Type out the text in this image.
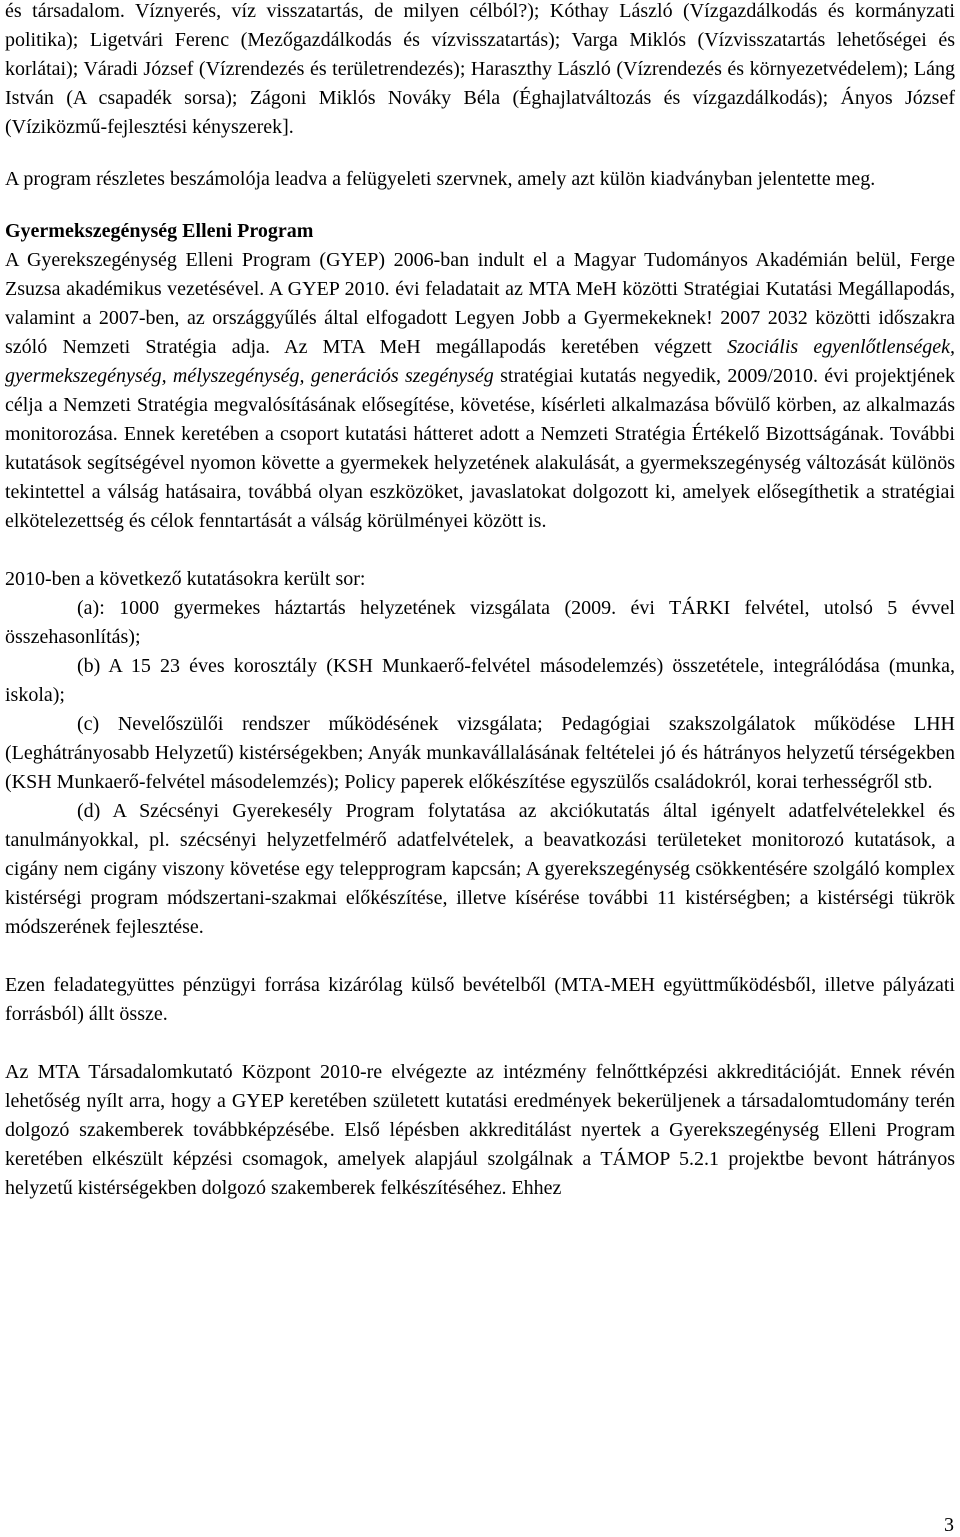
és társadalom. Víznyerés, víz visszatartás, de milyen célból?); Kóthay László (Vízgazdálkodás és kormányzati politika); Ligetvári Ferenc (Mezőgazdálkodás és vízvisszatartás); Varga Miklós (Vízvisszatartás lehetőségei és korlátai); Váradi József (Vízrendezés és területrendezés); Haraszthy László (Vízrendezés és környezetvédelem); Láng István (A csapadék sorsa); Zágoni Miklós Nováky Béla (Éghajlatváltozás és vízgazdálkodás); Ányos József (Víziközmű-fejlesztési kényszerek].

A program részletes beszámolója leadva a felügyeleti szervnek, amely azt külön kiadványban jelentette meg.

Gyermekszegénység Elleni Program

A Gyerekszegénység Elleni Program (GYEP) 2006-ban indult el a Magyar Tudományos Akadémián belül, Ferge Zsuzsa akadémikus vezetésével. A GYEP 2010. évi feladatait az MTA MeH közötti Stratégiai Kutatási Megállapodás, valamint a 2007-ben, az országgyűlés által elfogadott Legyen Jobb a Gyermekeknek! 2007 2032 közötti időszakra szóló Nemzeti Stratégia adja. Az MTA MeH megállapodás keretében végzett Szociális egyenlőtlenségek, gyermekszegénység, mélyszegénység, generációs szegénység stratégiai kutatás negyedik, 2009/2010. évi projektjének célja a Nemzeti Stratégia megvalósításának elősegítése, követése, kísérleti alkalmazása bővülő körben, az alkalmazás monitorozása. Ennek keretében a csoport kutatási hátteret adott a Nemzeti Stratégia Értékelő Bizottságának. További kutatások segítségével nyomon követte a gyermekek helyzetének alakulását, a gyermekszegénység változását különös tekintettel a válság hatásaira, továbbá olyan eszközöket, javaslatokat dolgozott ki, amelyek elősegíthetik a stratégiai elkötelezettség és célok fenntartását a válság körülményei között is.

2010-ben a következő kutatásokra került sor:

(a): 1000 gyermekes háztartás helyzetének vizsgálata (2009. évi TÁRKI felvétel, utolsó 5 évvel összehasonlítás);

(b) A 15 23 éves korosztály (KSH Munkaerő-felvétel másodelemzés) összetétele, integrálódása (munka, iskola);

(c) Nevelőszülői rendszer működésének vizsgálata; Pedagógiai szakszolgálatok működése LHH (Leghátrányosabb Helyzetű) kistérségekben; Anyák munkavállalásának feltételei jó és hátrányos helyzetű térségekben (KSH Munkaerő-felvétel másodelemzés); Policy paperek előkészítése egyszülős családokról, korai terhességről stb.

(d) A Szécsényi Gyerekesély Program folytatása az akciókutatás által igényelt adatfelvételekkel és tanulmányokkal, pl. szécsényi helyzetfelmérő adatfelvételek, a beavatkozási területeket monitorozó kutatások, a cigány nem cigány viszony követése egy telepprogram kapcsán; A gyerekszegénység csökkentésére szolgáló komplex kistérségi program módszertani-szakmai előkészítése, illetve kísérése további 11 kistérségben; a kistérségi tükrök módszerének fejlesztése.

Ezen feladategyüttes pénzügyi forrása kizárólag külső bevételből (MTA-MEH együttműködésből, illetve pályázati forrásból) állt össze.

Az MTA Társadalomkutató Központ 2010-re elvégezte az intézmény felnőttképzési akkreditációját. Ennek révén lehetőség nyílt arra, hogy a GYEP keretében született kutatási eredmények bekerüljenek a társadalomtudomány terén dolgozó szakemberek továbbképzésébe. Első lépésben akkreditálást nyertek a Gyerekszegénység Elleni Program keretében elkészült képzési csomagok, amelyek alapjául szolgálnak a TÁMOP 5.2.1 projektbe bevont hátrányos helyzetű kistérségekben dolgozó szakemberek felkészítéséhez. Ehhez

3
